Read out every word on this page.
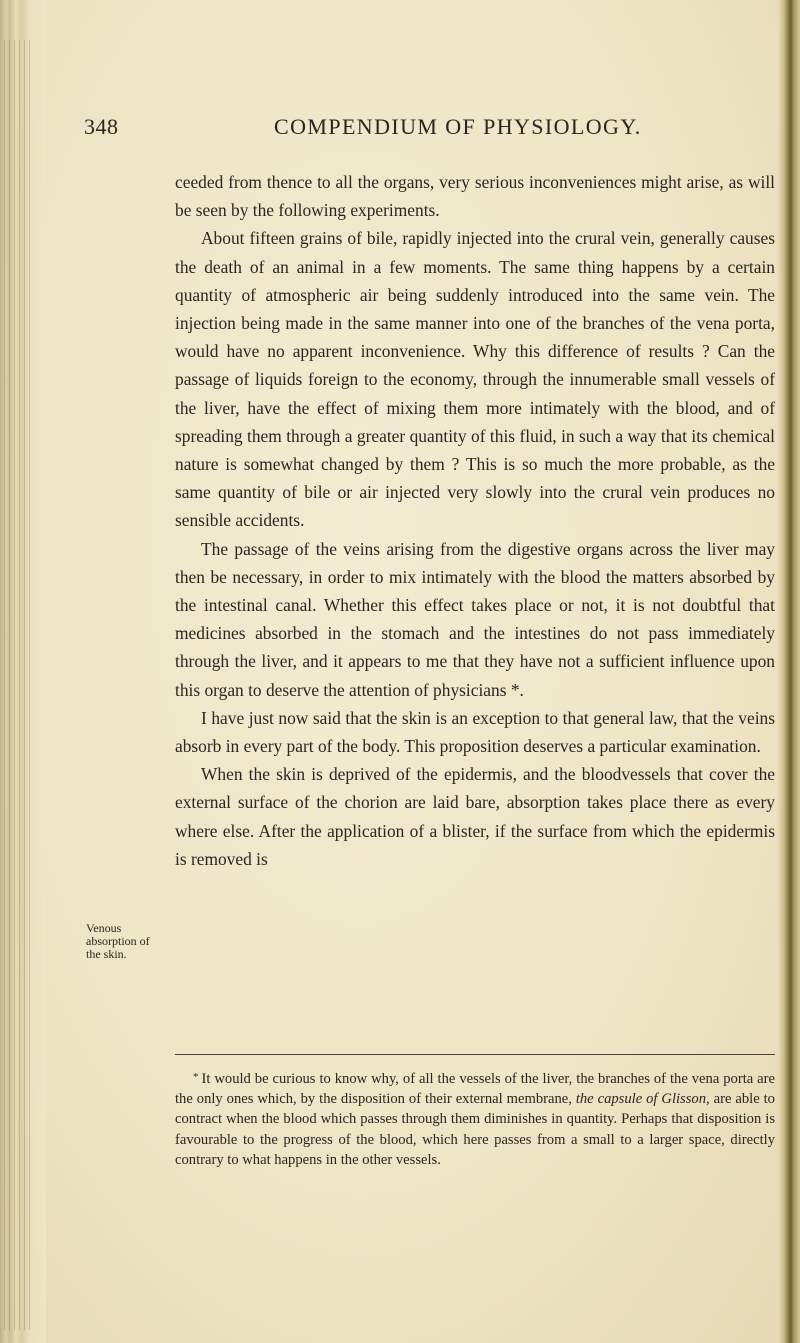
348	COMPENDIUM OF PHYSIOLOGY.

ceeded from thence to all the organs, very serious inconveniences might arise, as will be seen by the following experiments.

About fifteen grains of bile, rapidly injected into the crural vein, generally causes the death of an animal in a few moments. The same thing happens by a certain quantity of atmospheric air being suddenly introduced into the same vein. The injection being made in the same manner into one of the branches of the vena porta, would have no apparent inconvenience. Why this difference of results ? Can the passage of liquids foreign to the economy, through the innumerable small vessels of the liver, have the effect of mixing them more intimately with the blood, and of spreading them through a greater quantity of this fluid, in such a way that its chemical nature is somewhat changed by them ? This is so much the more probable, as the same quantity of bile or air injected very slowly into the crural vein produces no sensible accidents.

The passage of the veins arising from the digestive organs across the liver may then be necessary, in order to mix intimately with the blood the matters absorbed by the intestinal canal. Whether this effect takes place or not, it is not doubtful that medicines absorbed in the stomach and the intestines do not pass immediately through the liver, and it appears to me that they have not a sufficient influence upon this organ to deserve the attention of physicians *.

I have just now said that the skin is an exception to that general law, that the veins absorb in every part of the body. This proposition deserves a particular examination.

When the skin is deprived of the epidermis, and the bloodvessels that cover the external surface of the chorion are laid bare, absorption takes place there as every where else. After the application of a blister, if the surface from which the epidermis is removed is

Venous absorption of the skin.

* It would be curious to know why, of all the vessels of the liver, the branches of the vena porta are the only ones which, by the disposition of their external membrane, the capsule of Glisson, are able to contract when the blood which passes through them diminishes in quantity. Perhaps that disposition is favourable to the progress of the blood, which here passes from a small to a larger space, directly contrary to what happens in the other vessels.
